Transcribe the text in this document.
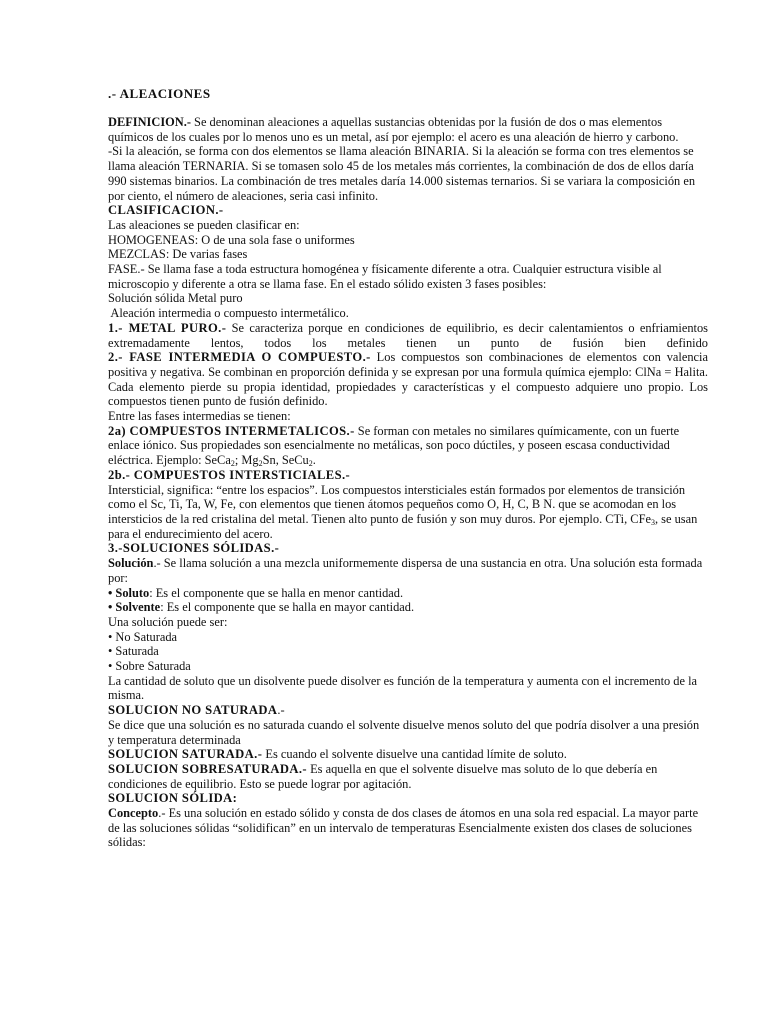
.- ALEACIONES

DEFINICION.- Se denominan aleaciones a aquellas sustancias obtenidas por la fusión de dos o mas elementos químicos de los cuales por lo menos uno es un metal, así por ejemplo: el acero es una aleación de hierro y carbono.

-Si la aleación, se forma con dos elementos se llama aleación BINARIA. Si la aleación se forma con tres elementos se llama aleación TERNARIA. Si se tomasen solo 45 de los metales más corrientes, la combinación de dos de ellos daría 990 sistemas binarios. La combinación de tres metales daría 14.000 sistemas ternarios. Si se variara la composición en por ciento, el número de aleaciones, seria casi infinito.

CLASIFICACION.-

Las aleaciones se pueden clasificar en:

HOMOGENEAS: O de una sola fase o uniformes

MEZCLAS: De varias fases

FASE.- Se llama fase a toda estructura homogénea y físicamente diferente a otra. Cualquier estructura visible al microscopio y diferente a otra se llama fase. En el estado sólido existen 3 fases posibles:

Solución sólida Metal puro

Aleación intermedia o compuesto intermetálico.

1.- METAL PURO.- Se caracteriza porque en condiciones de equilibrio, es decir calentamientos o enfriamientos extremadamente lentos, todos los metales tienen un punto de fusión bien definido

2.- FASE INTERMEDIA O COMPUESTO.- Los compuestos son combinaciones de elementos con valencia positiva y negativa. Se combinan en proporción definida y se expresan por una formula química ejemplo: ClNa = Halita. Cada elemento pierde su propia identidad, propiedades y características y el compuesto adquiere uno propio. Los compuestos tienen punto de fusión definido.

Entre las fases intermedias se tienen:

2a) COMPUESTOS INTERMETALICOS.- Se forman con metales no similares químicamente, con un fuerte enlace iónico. Sus propiedades son esencialmente no metálicas, son poco dúctiles, y poseen escasa conductividad eléctrica. Ejemplo: SeCa$_2$; $Mg_2Sn$, SeCu$_2$.

2b.- COMPUESTOS INTERSTICIALES.-

Intersticial, significa: “entre los espacios”. Los compuestos intersticiales están formados por elementos de transición como el Sc, Ti, Ta, W, Fe, con elementos que tienen átomos pequeños como O, H, C, B N. que se acomodan en los intersticios de la red cristalina del metal. Tienen alto punto de fusión y son muy duros. Por ejemplo. CTi, CFe$_3$, se usan para el endurecimiento del acero.

3.-SOLUCIONES SÓLIDAS.-

Solución.- Se llama solución a una mezcla uniformemente dispersa de una sustancia en otra. Una solución esta formada por:

• Soluto: Es el componente que se halla en menor cantidad.

• Solvente: Es el componente que se halla en mayor cantidad.

Una solución puede ser:

• No Saturada

• Saturada

• Sobre Saturada

La cantidad de soluto que un disolvente puede disolver es función de la temperatura y aumenta con el incremento de la misma.

SOLUCION NO SATURADA.-

Se dice que una solución es no saturada cuando el solvente disuelve menos soluto del que podría disolver a una presión y temperatura determinada

SOLUCION SATURADA.- Es cuando el solvente disuelve una cantidad límite de soluto.

SOLUCION SOBRESATURADA.- Es aquella en que el solvente disuelve mas soluto de lo que debería en condiciones de equilibrio. Esto se puede lograr por agitación.

SOLUCION SÓLIDA:

Concepto.- Es una solución en estado sólido y consta de dos clases de átomos en una sola red espacial. La mayor parte de las soluciones sólidas “solidifican” en un intervalo de temperaturas Esencialmente existen dos clases de soluciones sólidas:
